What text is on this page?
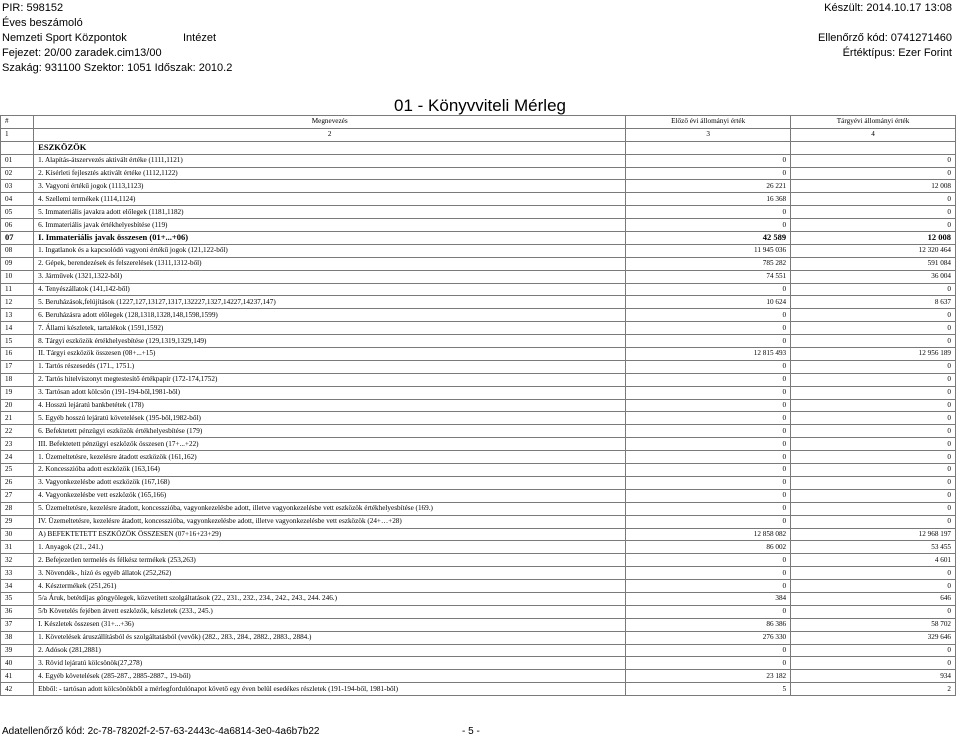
PIR: 598152
Éves beszámoló
Nemzeti Sport Központok	Intézet
Fejezet: 20/00 zaradek.cim13/00
Szakág: 931100 Szektor: 1051 Időszak: 2010.2
Készült: 2014.10.17 13:08
Ellenőrző kód: 0741271460
Értéktípus: Ezer Forint
01 - Könyvviteli Mérleg
#	Megnevezés	Előző évi állományi érték	Tárgyévi állományi érték
1	2	3	4
	ESZKÖZÖK		
01	1. Alapítás-átszervezés aktivált értéke (1111,1121)	0	0
02	2. Kísérleti fejlesztés aktivált értéke (1112,1122)	0	0
03	3. Vagyoni értékű jogok (1113,1123)	26 221	12 008
04	4. Szellemi termékek (1114,1124)	16 368	0
05	5. Immateriális javakra adott előlegek (1181,1182)	0	0
06	6. Immateriális javak értékhelyesbítése (119)	0	0
07	I. Immateriális javak összesen (01+...+06)	42 589	12 008
08	1. Ingatlanok és a kapcsolódó vagyoni értékű jogok (121,122-ből)	11 945 036	12 320 464
09	2. Gépek, berendezések és felszerelések (1311,1312-ből)	785 282	591 084
10	3. Járművek (1321,1322-ből)	74 551	36 004
11	4. Tenyészállatok (141,142-ből)	0	0
12	5. Beruházások,felújítások (1227,127,13127,1317,132227,1327,14227,14237,147)	10 624	8 637
13	6. Beruházásra adott előlegek (128,1318,1328,148,1598,1599)	0	0
14	7. Állami készletek, tartalékok (1591,1592)	0	0
15	8. Tárgyi eszközök értékhelyesbítése (129,1319,1329,149)	0	0
16	II. Tárgyi eszközök összesen (08+...+15)	12 815 493	12 956 189
17	1. Tartós részesedés (171., 1751.)	0	0
18	2. Tartós hitelviszonyt megtestesítő értékpapír (172-174,1752)	0	0
19	3. Tartósan adott kölcsön (191-194-ből,1981-ből)	0	0
20	4. Hosszú lejáratú bankbetétek (178)	0	0
21	5. Egyéb hosszú lejáratú követelések (195-ből,1982-ből)	0	0
22	6. Befektetett pénzügyi eszközök értékhelyesbítése (179)	0	0
23	III. Befektetett pénzügyi eszközök összesen (17+...+22)	0	0
24	1. Üzemeltetésre, kezelésre átadott eszközök (161,162)	0	0
25	2. Koncesszióba adott eszközök (163,164)	0	0
26	3. Vagyonkezelésbe adott eszközök (167,168)	0	0
27	4. Vagyonkezelésbe vett eszközök (165,166)	0	0
28	5. Üzemeltetésre, kezelésre átadott, koncesszióba, vagyonkezelésbe adott, illetve vagyonkezelésbe vett eszközök értékhelyesbítése (169.)	0	0
29	IV. Üzemeltetésre, kezelésre átadott, koncesszióba, vagyonkezelésbe adott, illetve vagyonkezelésbe vett eszközök (24+…+28)	0	0
30	A) BEFEKTETETT ESZKÖZÖK ÖSSZESEN (07+16+23+29)	12 858 082	12 968 197
31	1. Anyagok (21., 241.)	86 002	53 455
32	2. Befejezetlen termelés és félkész termékek (253,263)	0	4 601
33	3. Növendék-, hízó és egyéb állatok (252,262)	0	0
34	4. Késztermékek (251,261)	0	0
35	5/a Áruk, betétdíjas göngyölegek, közvetített szolgáltatások (22., 231., 232., 234., 242., 243., 244. 246.)	384	646
36	5/b Követelés fejében átvett eszközök, készletek (233., 245.)	0	0
37	I. Készletek összesen (31+...+36)	86 386	58 702
38	1. Követelések áruszállításból és szolgáltatásból (vevők) (282., 283., 284., 2882., 2883., 2884.)	276 330	329 646
39	2. Adósok (281,2881)	0	0
40	3. Rövid lejáratú kölcsönök(27,278)	0	0
41	4. Egyéb követelések (285-287., 2885-2887., 19-ből)	23 182	934
42	Ebből: - tartósan adott kölcsönökből a mérlegfordulónapot követő egy éven belül esedékes részletek (191-194-ből, 1981-ből)	5	2
Adatellenőrző kód: 2c-78-78202f-2-57-63-2443c-4a6814-3e0-4a6b7b22	- 5 -
